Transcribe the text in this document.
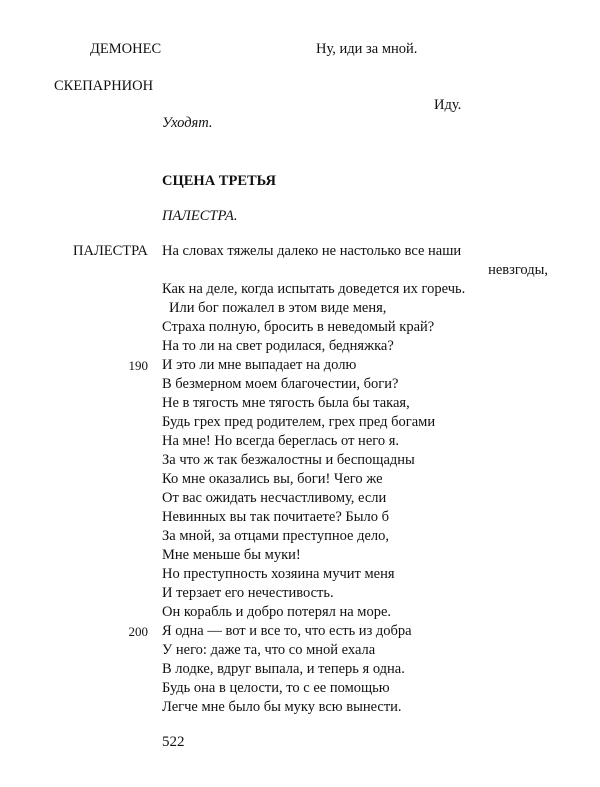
ДЕМОНЕС	Ну, иди за мной.
СКЕПАРНИОН
Иду.
Уходят.
СЦЕНА ТРЕТЬЯ
ПАЛЕСТРА.
ПАЛЕСТРА На словах тяжелы далеко не настолько все наши
невзгоды,
Как на деле, когда испытать доведется их горечь.
Или бог пожалел в этом виде меня,
Страха полную, бросить в неведомый край?
На то ли на свет родилася, бедняжка?
190 И это ли мне выпадает на долю
В безмерном моем благочестии, боги?
Не в тягость мне тягость была бы такая,
Будь грех пред родителем, грех пред богами
На мне! Но всегда береглась от него я.
За что ж так безжалостны и беспощадны
Ко мне оказались вы, боги! Чего же
От вас ожидать несчастливому, если
Невинных вы так почитаете? Было б
За мной, за отцами преступное дело,
Мне меньше бы муки!
Но преступность хозяина мучит меня
И терзает его нечестивость.
Он корабль и добро потерял на море.
200 Я одна — вот и все то, что есть из добра
У него: даже та, что со мной ехала
В лодке, вдруг выпала, и теперь я одна.
Будь она в целости, то с ее помощью
Легче мне было бы муку всю вынести.
522
